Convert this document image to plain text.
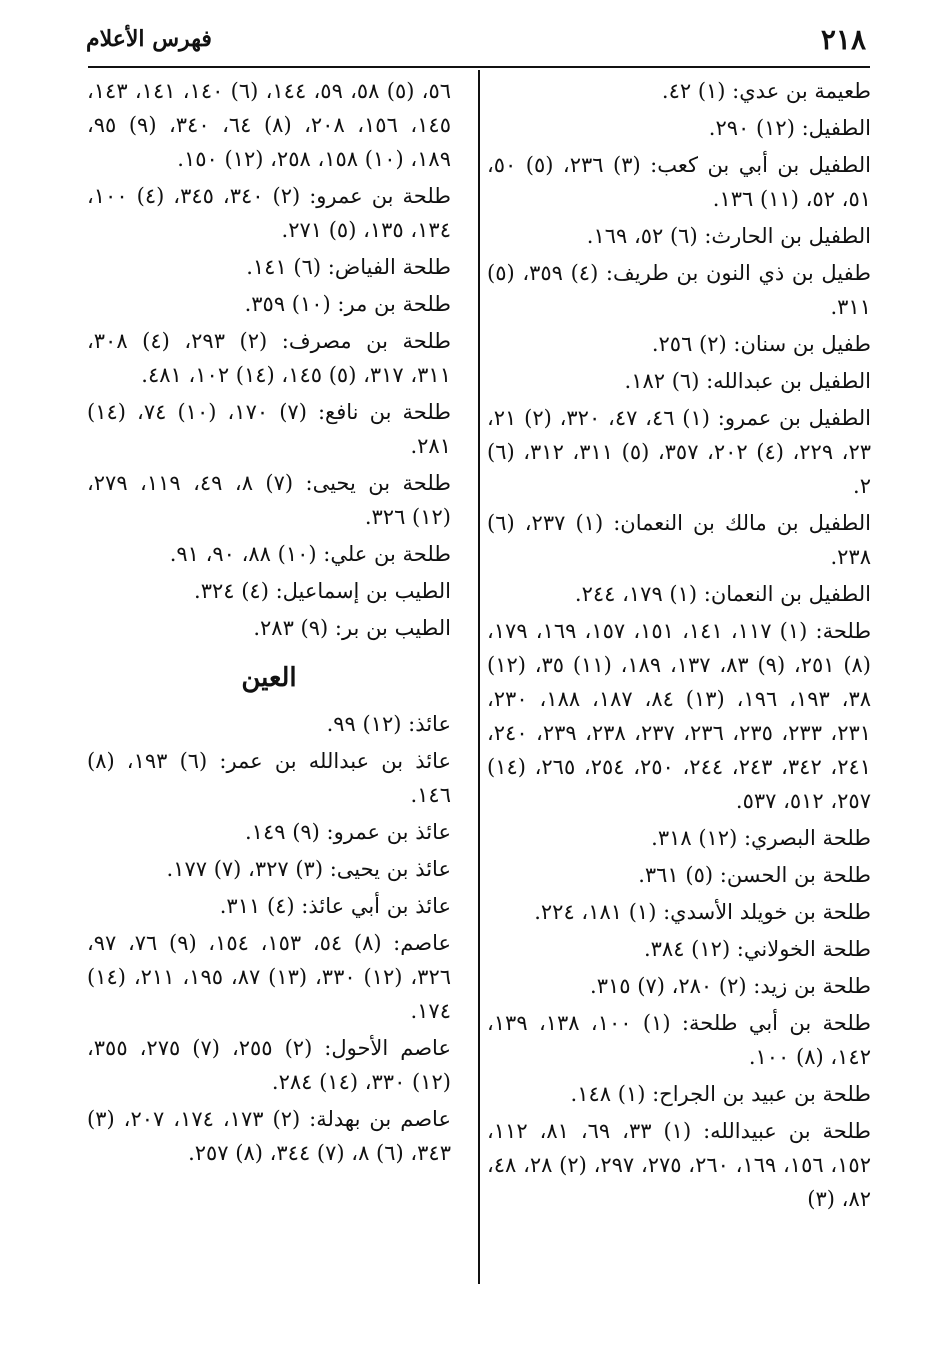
٢١٨
فهرس الأعلام

طعيمة بن عدي: (١) ٤٢.

الطفيل: (١٢) ٢٩٠.

الطفيل بن أبي بن كعب: (٣) ٢٣٦، (٥) ٥٠، ٥١، ٥٢، (١١) ١٣٦.

الطفيل بن الحارث: (٦) ٥٢، ١٦٩.

طفيل بن ذي النون بن طريف: (٤) ٣٥٩، (٥) ٣١١.

طفيل بن سنان: (٢) ٢٥٦.

الطفيل بن عبدالله: (٦) ١٨٢.

الطفيل بن عمرو: (١) ٤٦، ٤٧، ٣٢٠، (٢) ٢١، ٢٣، ٢٢٩، (٤) ٢٠٢، ٣٥٧، (٥) ٣١١، ٣١٢، (٦) ٢.

الطفيل بن مالك بن النعمان: (١) ٢٣٧، (٦) ٢٣٨.

الطفيل بن النعمان: (١) ١٧٩، ٢٤٤.

طلحة: (١) ١١٧، ١٤١، ١٥١، ١٥٧، ١٦٩، ١٧٩، (٨) ٢٥١، (٩) ٨٣، ١٣٧، ١٨٩، (١١) ٣٥، (١٢) ٣٨، ١٩٣، ١٩٦، (١٣) ٨٤، ١٨٧، ١٨٨، ٢٣٠، ٢٣١، ٢٣٣، ٢٣٥، ٢٣٦، ٢٣٧، ٢٣٨، ٢٣٩، ٢٤٠، ٢٤١، ٣٤٢، ٢٤٣، ٢٤٤، ٢٥٠، ٢٥٤، ٢٦٥، (١٤) ٢٥٧، ٥١٢، ٥٣٧.

طلحة البصري: (١٢) ٣١٨.

طلحة بن الحسن: (٥) ٣٦١.

طلحة بن خويلد الأسدي: (١) ١٨١، ٢٢٤.

طلحة الخولاني: (١٢) ٣٨٤.

طلحة بن زيد: (٢) ٢٨٠، (٧) ٣١٥.

طلحة بن أبي طلحة: (١) ١٠٠، ١٣٨، ١٣٩، ١٤٢، (٨) ١٠٠.

طلحة بن عبيد بن الجراح: (١) ١٤٨.

طلحة بن عبيدالله: (١) ٣٣، ٦٩، ٨١، ١١٢، ١٥٢، ١٥٦، ١٦٩، ٢٦٠، ٢٧٥، ٢٩٧، (٢) ٢٨، ٤٨، ٨٢، (٣)

٥٦، (٥) ٥٨، ٥٩، ١٤٤، (٦) ١٤٠، ١٤١، ١٤٣، ١٤٥، ١٥٦، ٢٠٨، (٨) ٦٤، ٣٤٠، (٩) ٩٥، ١٨٩، (١٠) ١٥٨، ٢٥٨، (١٢) ١٥٠.

طلحة بن عمرو: (٢) ٣٤٠، ٣٤٥، (٤) ١٠٠، ١٣٤، ١٣٥، (٥) ٢٧١.

طلحة الفياض: (٦) ١٤١.

طلحة بن مر: (١٠) ٣٥٩.

طلحة بن مصرف: (٢) ٢٩٣، (٤) ٣٠٨، ٣١١، ٣١٧، (٥) ١٤٥، (١٤) ١٠٢، ٤٨١.

طلحة بن نافع: (٧) ١٧٠، (١٠) ٧٤، (١٤) ٢٨١.

طلحة بن يحيى: (٧) ٨، ٤٩، ١١٩، ٢٧٩، (١٢) ٣٢٦.

طلحة بن علي: (١٠) ٨٨، ٩٠، ٩١.

الطيب بن إسماعيل: (٤) ٣٢٤.

الطيب بن بر: (٩) ٢٨٣.

العين

عائذ: (١٢) ٩٩.

عائذ بن عبدالله بن عمر: (٦) ١٩٣، (٨) ١٤٦.

عائذ بن عمرو: (٩) ١٤٩.

عائذ بن يحيى: (٣) ٣٢٧، (٧) ١٧٧.

عائذ بن أبي عائذ: (٤) ٣١١.

عاصم: (٨) ٥٤، ١٥٣، ١٥٤، (٩) ٧٦، ٩٧، ٣٢٦، (١٢) ٣٣٠، (١٣) ٨٧، ١٩٥، ٢١١، (١٤) ١٧٤.

عاصم الأحول: (٢) ٢٥٥، (٧) ٢٧٥، ٣٥٥، (١٢) ٣٣٠، (١٤) ٢٨٤.

عاصم بن بهدلة: (٢) ١٧٣، ١٧٤، ٢٠٧، (٣) ٣٤٣، (٦) ٨، (٧) ٣٤٤، (٨) ٢٥٧.
